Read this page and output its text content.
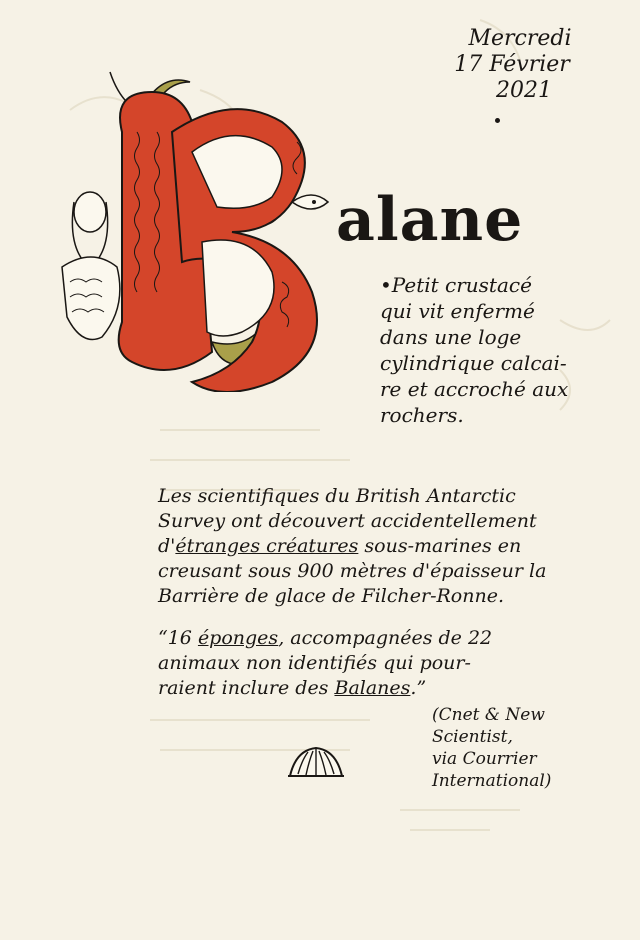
Mercredi
17 Février
2021
alane
•Petit crustacé
qui vit enfermé
dans une loge
cylindrique calcai-
re et accroché aux
rochers.
Les scientifiques du British Antarctic
Survey ont découvert accidentellement
d'étranges créatures sous-marines en
creusant sous 900 mètres d'épaisseur la
Barrière de glace de Filcher-Ronne.
“16 éponges, accompagnées de 22
animaux non identifiés qui pour-
raient inclure des Balanes.”
(Cnet & New
Scientist,
via Courrier
International)
